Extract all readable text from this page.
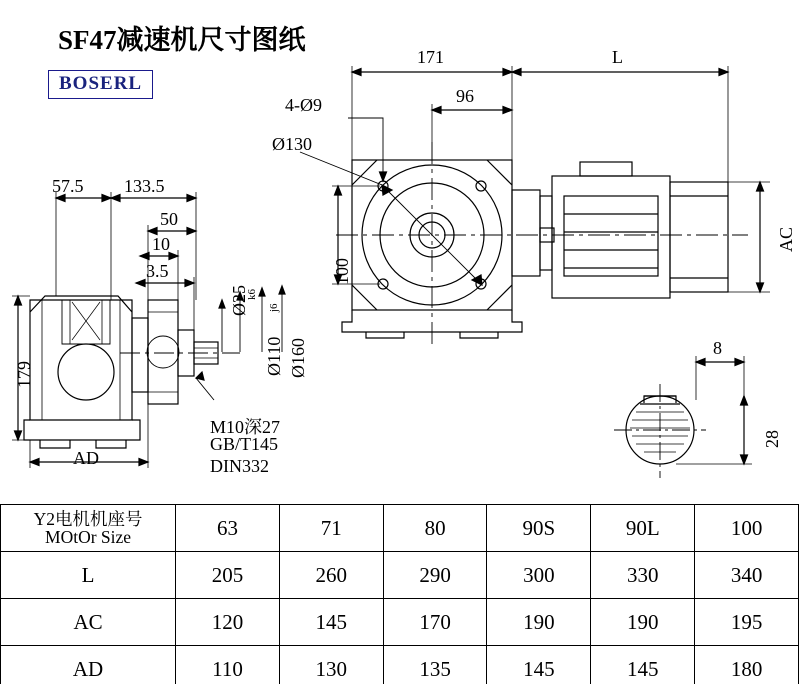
SF47减速机尺寸图纸
BOSERL
171	L
96
4-Ø9
Ø130
100
AC
57.5 133.5
50
10
3.5
Ø25
k6
Ø110
j6
Ø160
179
AD
8
28
M10深27
GB/T145
DIN332
Y2电机机座号
MOtOr Size	63	71	80	90S	90L	100
L	205	260	290	300	330	340
AC	120	145	170	190	190	195
AD	110	130	135	145	145	180
